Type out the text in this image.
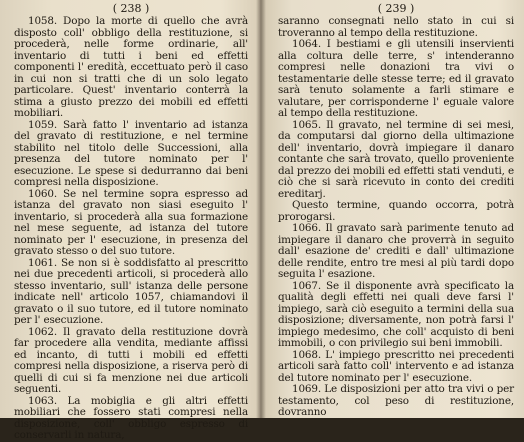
( 238 )

1058. Dopo la morte di quello che avrà disposto coll' obbligo della restituzione, si procederà, nelle forme ordinarie, all' inventario di tutti i beni ed effetti componenti l' eredità, eccettuato però il caso in cui non si tratti che di un solo legato particolare. Quest' inventario conterrà la stima a giusto prezzo dei mobili ed effetti mobiliari.

1059. Sarà fatto l' inventario ad istanza del gravato di restituzione, e nel termine stabilito nel titolo delle Successioni, alla presenza del tutore nominato per l' esecuzione. Le spese si dedurranno dai beni compresi nella disposizione.

1060. Se nel termine sopra espresso ad istanza del gravato non siasi eseguito l' inventario, si procederà alla sua formazione nel mese seguente, ad istanza del tutore nominato per l' esecuzione, in presenza del gravato stesso o del suo tutore.

1061. Se non si è soddisfatto al prescritto nei due precedenti articoli, si procederà allo stesso inventario, sull' istanza delle persone indicate nell' articolo 1057, chiamandovi il gravato o il suo tutore, ed il tutore nominato per l' esecuzione.

1062. Il gravato della restituzione dovrà far procedere alla vendita, mediante affissi ed incanto, di tutti i mobili ed effetti compresi nella disposizione, a riserva però di quelli di cui si fa menzione nei due articoli seguenti.

1063. La mobiglia e gli altri effetti mobiliari che fossero stati compresi nella disposizione, coll' obbligo espresso di conservarli in natura,

( 239 )

saranno consegnati nello stato in cui si troveranno al tempo della restituzione.

1064. I bestiami e gli utensili inservienti alla coltura delle terre, s' intenderanno compresi nelle donazioni tra vivi o testamentarie delle stesse terre; ed il gravato sarà tenuto solamente a farli stimare e valutare, per corrisponderne l' eguale valore al tempo della restituzione.

1065. Il gravato, nel termine di sei mesi, da computarsi dal giorno della ultimazione dell' inventario, dovrà impiegare il danaro contante che sarà trovato, quello proveniente dal prezzo dei mobili ed effetti stati venduti, e ciò che si sarà ricevuto in conto dei crediti ereditarj.

Questo termine, quando occorra, potrà prorogarsi.

1066. Il gravato sarà parimente tenuto ad impiegare il danaro che proverrà in seguito dall' esazione de' crediti e dall' ultimazione delle rendite, entro tre mesi al più tardi dopo seguita l' esazione.

1067. Se il disponente avrà specificato la qualità degli effetti nei quali deve farsi l' impiego, sarà ciò eseguito a termini della sua disposizione; diversamente, non potrà farsi l' impiego medesimo, che coll' acquisto di beni immobili, o con privilegio sui beni immobili.

1068. L' impiego prescritto nei precedenti articoli sarà fatto coll' intervento e ad istanza del tutore nominato per l' esecuzione.

1069. Le disposizioni per atto tra vivi o per testamento, col peso di restituzione, dovranno
